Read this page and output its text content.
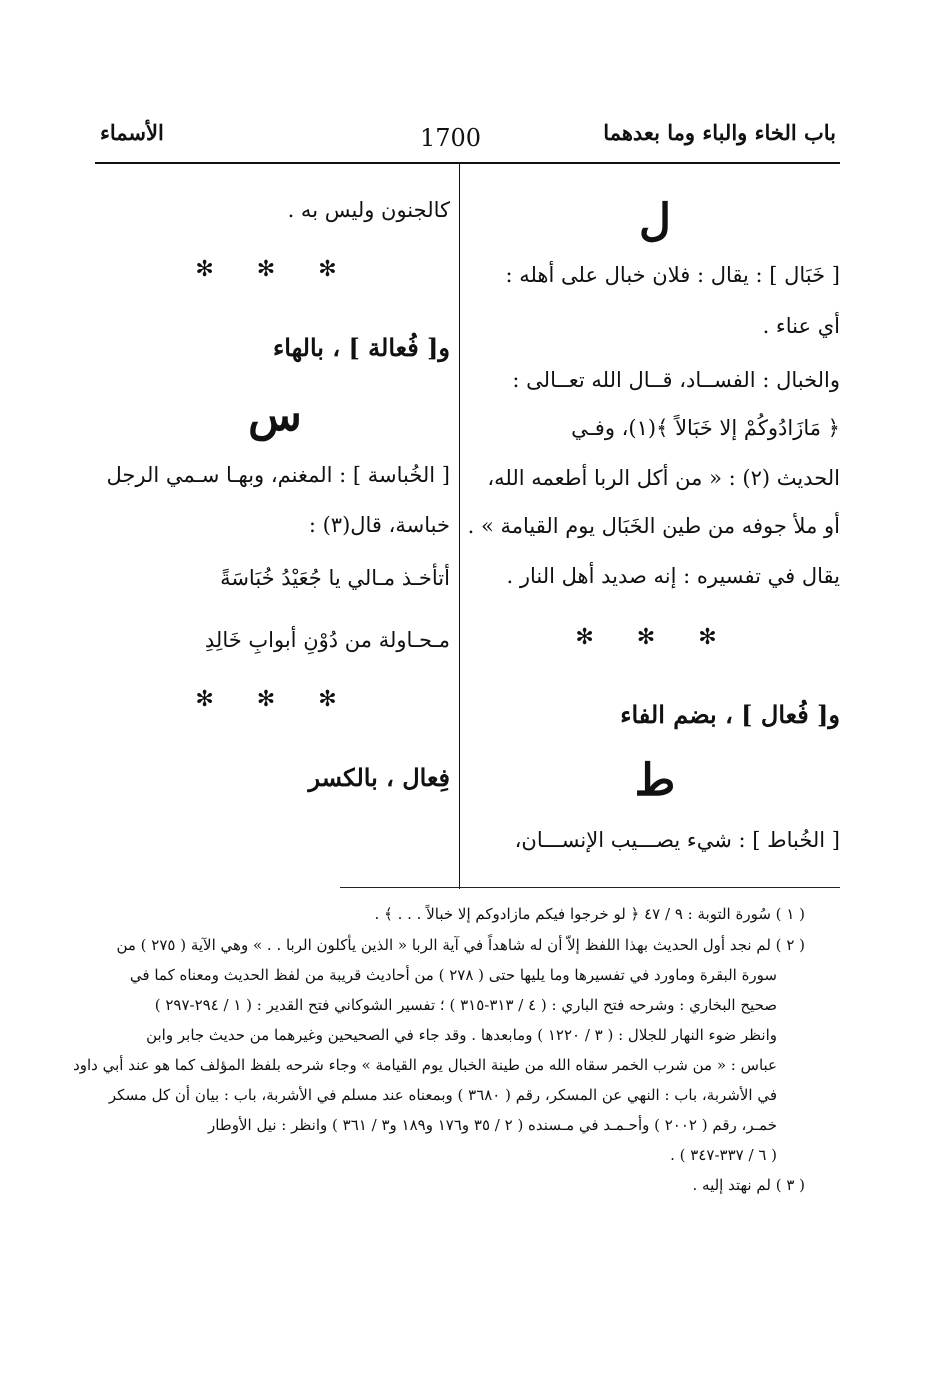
باب الخاء والباء وما بعدهما
1700
الأسماء
ل
[ خَبَال ] : يقال : فلان خبال على أهله :
أي عناء .
والخبال : الفســاد، قــال الله تعــالى :
﴿ مَازَادُوكُمْ إلا خَبَالاً ﴾(١)، وفـي
الحديث (٢) : « من أكل الربا أطعمه الله،
أو ملأ جوفه من طين الخَبَال يوم القيامة » .
يقال في تفسيره : إنه صديد أهل النار .
✻ ✻ ✻
و[ فُعال ] ، بضم الفاء
ط
[ الخُباط ] : شيء يصـــيب الإنســـان،
كالجنون وليس به .
✻ ✻ ✻
و[ فُعالة ] ، بالهاء
س
[ الخُباسة ] : المغنم، وبهـا سـمي الرجل
خباسة، قال(٣) :
أتأخـذ مـالي يا جُعَيْدُ خُبَاسَةً
مـحـاولة من دُوْنِ أبوابِ خَالِدِ
✻ ✻ ✻
فِعال ، بالكسر
( ١ ) سُورة التوبة : ٩ / ٤٧ ﴿ لو خرجوا فيكم مازادوكم إلا خبالاً . . . ﴾ .
( ٢ ) لم نجد أول الحديث بهذا اللفظ إلاّ أن له شاهداً في آية الربا « الذين يأكلون الربا . . » وهي الآية ( ٢٧٥ ) من
سورة البقرة وماورد في تفسيرها وما يليها حتى ( ٢٧٨ ) من أحاديث قريبة من لفظ الحديث ومعناه كما في
صحيح البخاري : وشرحه فتح الباري : ( ٤ / ٣١٣-٣١٥ ) ؛ تفسير الشوكاني فتح القدير : ( ١ / ٢٩٤-٢٩٧ )
وانظر ضوء النهار للجلال : ( ٣ / ١٢٢٠ ) ومابعدها . وقد جاء في الصحيحين وغيرهما من حديث جابر وابن
عباس : « من شرب الخمر سقاه الله من طينة الخبال يوم القيامة » وجاء شرحه بلفظ المؤلف كما هو عند أبي داود
في الأشربة، باب : النهي عن المسكر، رقم ( ٣٦٨٠ ) وبمعناه عند مسلم في الأشربة، باب : بيان أن كل مسكر
خمـر، رقم ( ٢٠٠٢ ) وأحـمـد في مـسنده ( ٢ / ٣٥ و١٧٦ و١٨٩ و٣ / ٣٦١ ) وانظر : نيل الأوطار
( ٦ / ٣٣٧-٣٤٧ ) .
( ٣ ) لم نهتد إليه .
